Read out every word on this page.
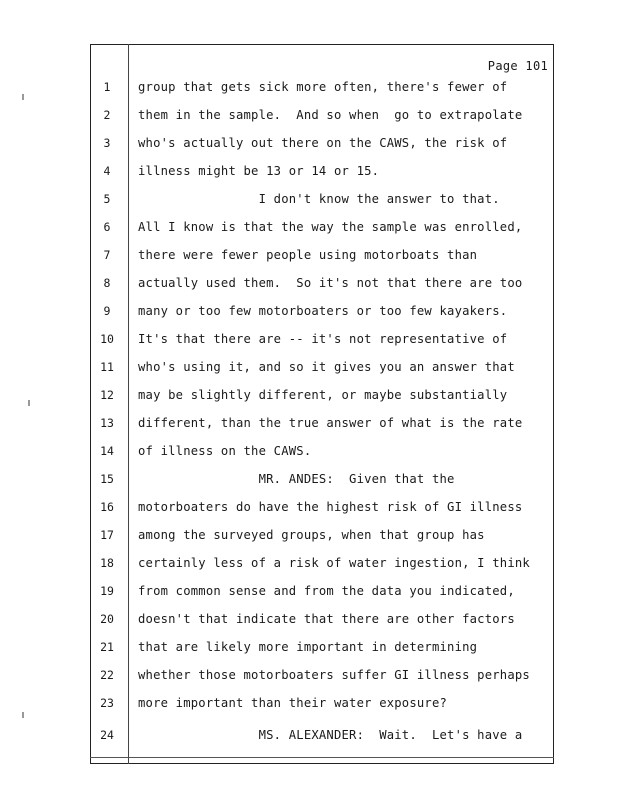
Page 101
1	group that gets sick more often, there's fewer of
2	them in the sample.  And so when  go to extrapolate
3	who's actually out there on the CAWS, the risk of
4	illness might be 13 or 14 or 15.
5	I don't know the answer to that.
6	All I know is that the way the sample was enrolled,
7	there were fewer people using motorboats than
8	actually used them.  So it's not that there are too
9	many or too few motorboaters or too few kayakers.
10	It's that there are -- it's not representative of
11	who's using it, and so it gives you an answer that
12	may be slightly different, or maybe substantially
13	different, than the true answer of what is the rate
14	of illness on the CAWS.
15	MR. ANDES:  Given that the
16	motorboaters do have the highest risk of GI illness
17	among the surveyed groups, when that group has
18	certainly less of a risk of water ingestion, I think
19	from common sense and from the data you indicated,
20	doesn't that indicate that there are other factors
21	that are likely more important in determining
22	whether those motorboaters suffer GI illness perhaps
23	more important than their water exposure?
24	MS. ALEXANDER:  Wait.  Let's have a
